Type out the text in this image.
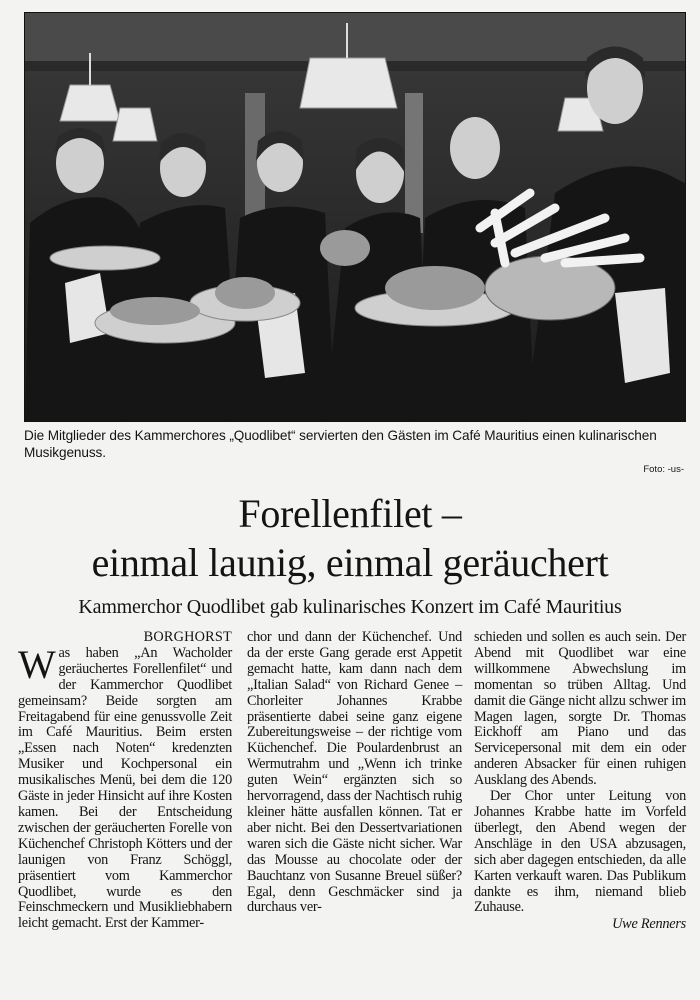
Die Mitglieder des Kammerchores „Quodlibet“ servierten den Gästen im Café Mauritius einen kulinarischen Musikgenuss.
Foto: -us-
Forellenfilet –
einmal launig, einmal geräuchert
Kammerchor Quodlibet gab kulinarisches Konzert im Café Mauritius
BORGHORST

Was haben „An Wacholder geräuchertes Forellenfilet“ und der Kammerchor Quodlibet gemeinsam? Beide sorgten am Freitagabend für eine genussvolle Zeit im Café Mauritius. Beim ersten „Essen nach Noten“ kredenzten Musiker und Kochpersonal ein musikalisches Menü, bei dem die 120 Gäste in jeder Hinsicht auf ihre Kosten kamen. Bei der Entscheidung zwischen der geräucherten Forelle von Küchenchef Christoph Kötters und der launigen von Franz Schöggl, präsentiert vom Kammerchor Quodlibet, wurde es den Feinschmeckern und Musikliebhabern leicht gemacht. Erst der Kammer-

chor und dann der Küchenchef. Und da der erste Gang gerade erst Appetit gemacht hatte, kam dann nach dem „Italian Salad“ von Richard Genee – Chorleiter Johannes Krabbe präsentierte dabei seine ganz eigene Zubereitungsweise – der richtige vom Küchenchef. Die Poulardenbrust an Wermutrahm und „Wenn ich trinke guten Wein“ ergänzten sich so hervorragend, dass der Nachtisch ruhig kleiner hätte ausfallen können. Tat er aber nicht. Bei den Dessertvariationen waren sich die Gäste nicht sicher. War das Mousse au chocolate oder der Bauchtanz von Susanne Breuel süßer? Egal, denn Geschmäcker sind ja durchaus ver-

schieden und sollen es auch sein. Der Abend mit Quodlibet war eine willkommene Abwechslung im momentan so trüben Alltag. Und damit die Gänge nicht allzu schwer im Magen lagen, sorgte Dr. Thomas Eickhoff am Piano und das Servicepersonal mit dem ein oder anderen Absacker für einen ruhigen Ausklang des Abends.

Der Chor unter Leitung von Johannes Krabbe hatte im Vorfeld überlegt, den Abend wegen der Anschläge in den USA abzusagen, sich aber dagegen entschieden, da alle Karten verkauft waren. Das Publikum dankte es ihm, niemand blieb Zuhause.

Uwe Renners
